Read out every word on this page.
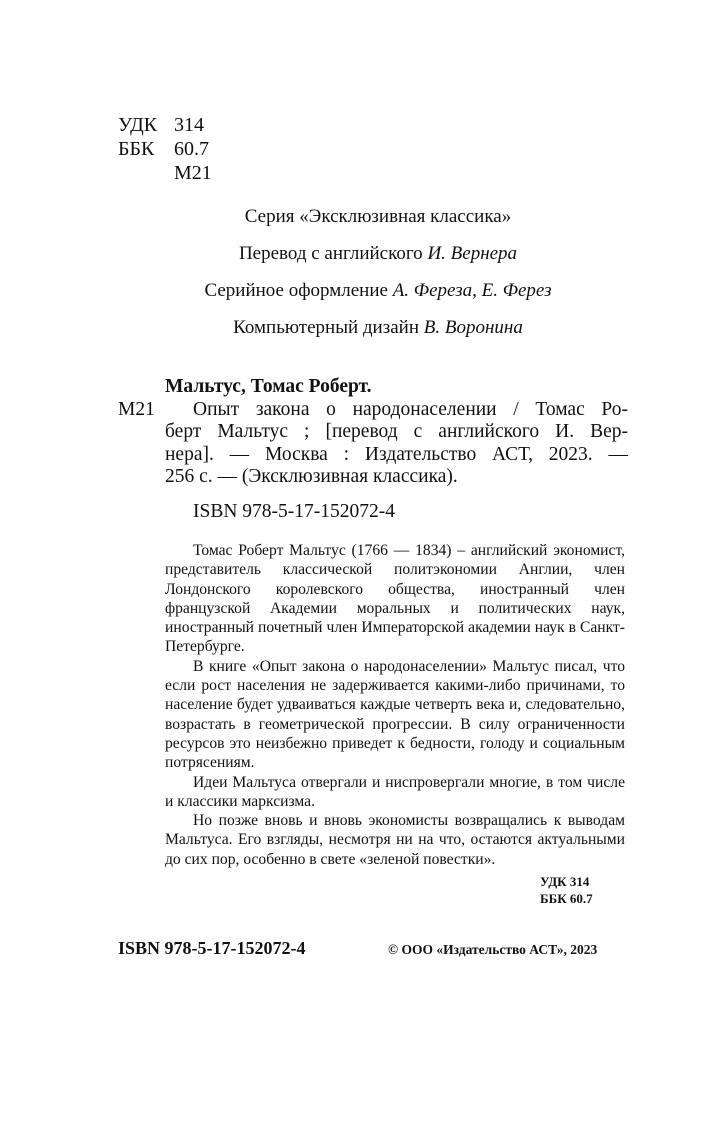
УДК 314
ББК 60.7
М21
Серия «Эксклюзивная классика»
Перевод с английского И. Вернера
Серийное оформление А. Фереза, Е. Ферез
Компьютерный дизайн В. Воронина
Мальтус, Томас Роберт.
М21	Опыт закона о народонаселении / Томас Ро-
берт Мальтус ; [перевод с английского И. Вер-
нера]. — Москва : Издательство АСТ, 2023. —
256 с. — (Эксклюзивная классика).
ISBN 978-5-17-152072-4

Томас Роберт Мальтус (1766 — 1834) – английский экономист, представитель классической политэкономии Англии, член Лондонского королевского общества, иностранный член французской Академии моральных и политических наук, иностранный почетный член Императорской академии наук в Санкт-Петербурге.

В книге «Опыт закона о народонаселении» Мальтус писал, что если рост населения не задерживается какими-либо причинами, то население будет удваиваться каждые четверть века и, следовательно, возрастать в геометрической прогрессии. В силу ограниченности ресурсов это неизбежно приведет к бедности, голоду и социальным потрясениям.

Идеи Мальтуса отвергали и ниспровергали многие, в том числе и классики марксизма.

Но позже вновь и вновь экономисты возвращались к выводам Мальтуса. Его взгляды, несмотря ни на что, остаются актуальными до сих пор, особенно в свете «зеленой повестки».

УДК 314
ББК 60.7
ISBN 978-5-17-152072-4	© ООО «Издательство АСТ», 2023
